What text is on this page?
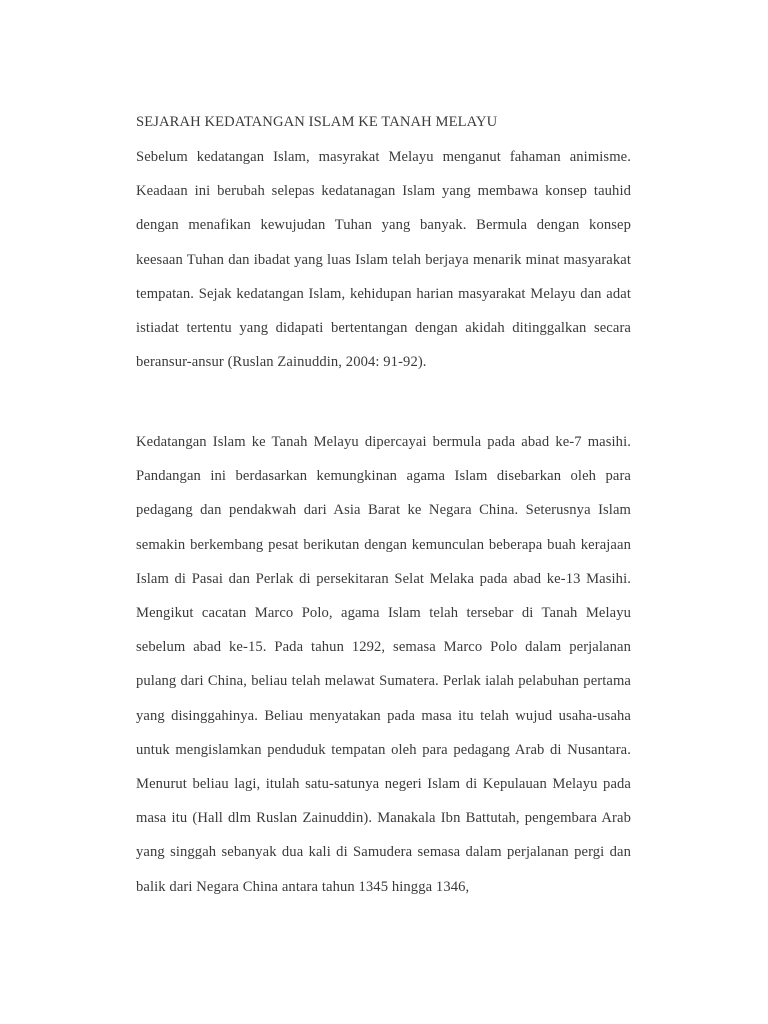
SEJARAH KEDATANGAN ISLAM KE TANAH MELAYU

Sebelum kedatangan Islam, masyrakat Melayu menganut fahaman animisme. Keadaan ini berubah selepas kedatanagan Islam yang membawa konsep tauhid dengan menafikan kewujudan Tuhan yang banyak. Bermula dengan konsep keesaan Tuhan dan ibadat yang luas Islam telah berjaya menarik minat masyarakat tempatan. Sejak kedatangan Islam, kehidupan harian masyarakat Melayu dan adat istiadat tertentu yang didapati bertentangan dengan akidah ditinggalkan secara beransur-ansur (Ruslan Zainuddin, 2004: 91-92).

Kedatangan Islam ke Tanah Melayu dipercayai bermula pada abad ke-7 masihi. Pandangan ini berdasarkan kemungkinan agama Islam disebarkan oleh para pedagang dan pendakwah dari Asia Barat ke Negara China. Seterusnya Islam semakin berkembang pesat berikutan dengan kemunculan beberapa buah kerajaan Islam di Pasai dan Perlak di persekitaran Selat Melaka pada abad ke-13 Masihi. Mengikut cacatan Marco Polo, agama Islam telah tersebar di Tanah Melayu sebelum abad ke-15. Pada tahun 1292, semasa Marco Polo dalam perjalanan pulang dari China, beliau telah melawat Sumatera. Perlak ialah pelabuhan pertama yang disinggahinya. Beliau menyatakan pada masa itu telah wujud usaha-usaha untuk mengislamkan penduduk tempatan oleh para pedagang Arab di Nusantara. Menurut beliau lagi, itulah satu-satunya negeri Islam di Kepulauan Melayu pada masa itu (Hall dlm Ruslan Zainuddin). Manakala Ibn Battutah, pengembara Arab yang singgah sebanyak dua kali di Samudera semasa dalam perjalanan pergi dan balik dari Negara China antara tahun 1345 hingga 1346,
